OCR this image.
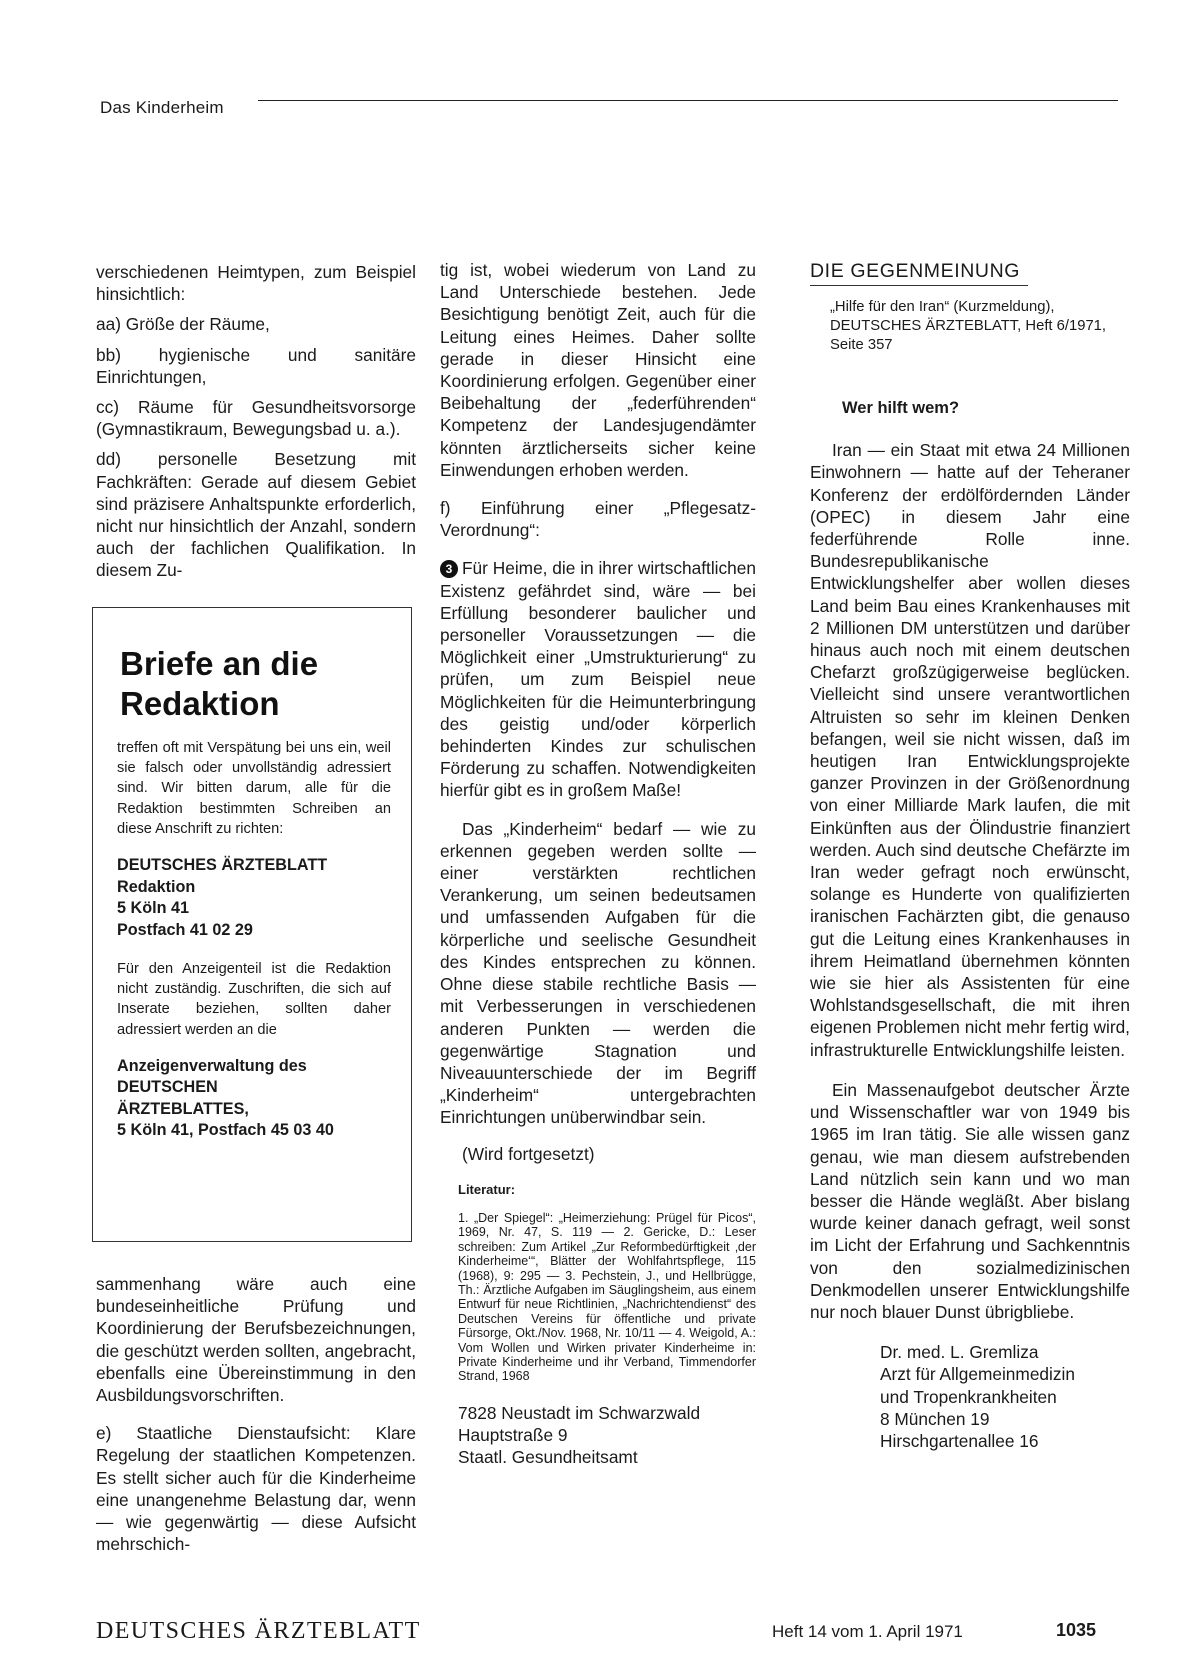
Das Kinderheim

verschiedenen Heimtypen, zum Beispiel hinsichtlich:

aa) Größe der Räume,

bb) hygienische und sanitäre Einrichtungen,

cc) Räume für Gesundheitsvorsorge (Gymnastikraum, Bewegungsbad u. a.).

dd) personelle Besetzung mit Fachkräften: Gerade auf diesem Gebiet sind präzisere Anhaltspunkte erforderlich, nicht nur hinsichtlich der Anzahl, sondern auch der fachlichen Qualifikation. In diesem Zu-

Briefe an die Redaktion

treffen oft mit Verspätung bei uns ein, weil sie falsch oder unvollständig adressiert sind. Wir bitten darum, alle für die Redaktion bestimmten Schreiben an diese Anschrift zu richten:

DEUTSCHES ÄRZTEBLATT
Redaktion
5 Köln 41
Postfach 41 02 29

Für den Anzeigenteil ist die Redaktion nicht zuständig. Zuschriften, die sich auf Inserate beziehen, sollten daher adressiert werden an die

Anzeigenverwaltung des
DEUTSCHEN
ÄRZTEBLATTES,
5 Köln 41, Postfach 45 03 40

sammenhang wäre auch eine bundeseinheitliche Prüfung und Koordinierung der Berufsbezeichnungen, die geschützt werden sollten, angebracht, ebenfalls eine Übereinstimmung in den Ausbildungsvorschriften.

e) Staatliche Dienstaufsicht: Klare Regelung der staatlichen Kompetenzen. Es stellt sicher auch für die Kinderheime eine unangenehme Belastung dar, wenn — wie gegenwärtig — diese Aufsicht mehrschich-

tig ist, wobei wiederum von Land zu Land Unterschiede bestehen. Jede Besichtigung benötigt Zeit, auch für die Leitung eines Heimes. Daher sollte gerade in dieser Hinsicht eine Koordinierung erfolgen. Gegenüber einer Beibehaltung der „federführenden“ Kompetenz der Landesjugendämter könnten ärztlicherseits sicher keine Einwendungen erhoben werden.

f) Einführung einer „Pflegesatz-Verordnung“:

3 Für Heime, die in ihrer wirtschaftlichen Existenz gefährdet sind, wäre — bei Erfüllung besonderer baulicher und personeller Voraussetzungen — die Möglichkeit einer „Umstrukturierung“ zu prüfen, um zum Beispiel neue Möglichkeiten für die Heimunterbringung des geistig und/oder körperlich behinderten Kindes zur schulischen Förderung zu schaffen. Notwendigkeiten hierfür gibt es in großem Maße!

Das „Kinderheim“ bedarf — wie zu erkennen gegeben werden sollte — einer verstärkten rechtlichen Verankerung, um seinen bedeutsamen und umfassenden Aufgaben für die körperliche und seelische Gesundheit des Kindes entsprechen zu können. Ohne diese stabile rechtliche Basis — mit Verbesserungen in verschiedenen anderen Punkten — werden die gegenwärtige Stagnation und Niveauunterschiede der im Begriff „Kinderheim“ untergebrachten Einrichtungen unüberwindbar sein.

(Wird fortgesetzt)

Literatur:
1. „Der Spiegel“: „Heimerziehung: Prügel für Picos“, 1969, Nr. 47, S. 119 — 2. Gericke, D.: Leser schreiben: Zum Artikel „Zur Reformbedürftigkeit ‚der Kinderheime‘“, Blätter der Wohlfahrtspflege, 115 (1968), 9: 295 — 3. Pechstein, J., und Hellbrügge, Th.: Ärztliche Aufgaben im Säuglingsheim, aus einem Entwurf für neue Richtlinien, „Nachrichtendienst“ des Deutschen Vereins für öffentliche und private Fürsorge, Okt./Nov. 1968, Nr. 10/11 — 4. Weigold, A.: Vom Wollen und Wirken privater Kinderheime in: Private Kinderheime und ihr Verband, Timmendorfer Strand, 1968
7828 Neustadt im Schwarzwald
Hauptstraße 9
Staatl. Gesundheitsamt
DIE GEGENMEINUNG
„Hilfe für den Iran“ (Kurzmeldung), DEUTSCHES ÄRZTEBLATT, Heft 6/1971, Seite 357
Wer hilft wem?

Iran — ein Staat mit etwa 24 Millionen Einwohnern — hatte auf der Teheraner Konferenz der erdölfördernden Länder (OPEC) in diesem Jahr eine federführende Rolle inne. Bundesrepublikanische Entwicklungshelfer aber wollen dieses Land beim Bau eines Krankenhauses mit 2 Millionen DM unterstützen und darüber hinaus auch noch mit einem deutschen Chefarzt großzügigerweise beglücken. Vielleicht sind unsere verantwortlichen Altruisten so sehr im kleinen Denken befangen, weil sie nicht wissen, daß im heutigen Iran Entwicklungsprojekte ganzer Provinzen in der Größenordnung von einer Milliarde Mark laufen, die mit Einkünften aus der Ölindustrie finanziert werden. Auch sind deutsche Chefärzte im Iran weder gefragt noch erwünscht, solange es Hunderte von qualifizierten iranischen Fachärzten gibt, die genauso gut die Leitung eines Krankenhauses in ihrem Heimatland übernehmen könnten wie sie hier als Assistenten für eine Wohlstandsgesellschaft, die mit ihren eigenen Problemen nicht mehr fertig wird, infrastrukturelle Entwicklungshilfe leisten.

Ein Massenaufgebot deutscher Ärzte und Wissenschaftler war von 1949 bis 1965 im Iran tätig. Sie alle wissen ganz genau, wie man diesem aufstrebenden Land nützlich sein kann und wo man besser die Hände wegläßt. Aber bislang wurde keiner danach gefragt, weil sonst im Licht der Erfahrung und Sachkenntnis von den sozialmedizinischen Denkmodellen unserer Entwicklungshilfe nur noch blauer Dunst übrigbliebe.

Dr. med. L. Gremliza
Arzt für Allgemeinmedizin
und Tropenkrankheiten
8 München 19
Hirschgartenallee 16
DEUTSCHES ÄRZTEBLATT	Heft 14 vom 1. April 1971	1035
